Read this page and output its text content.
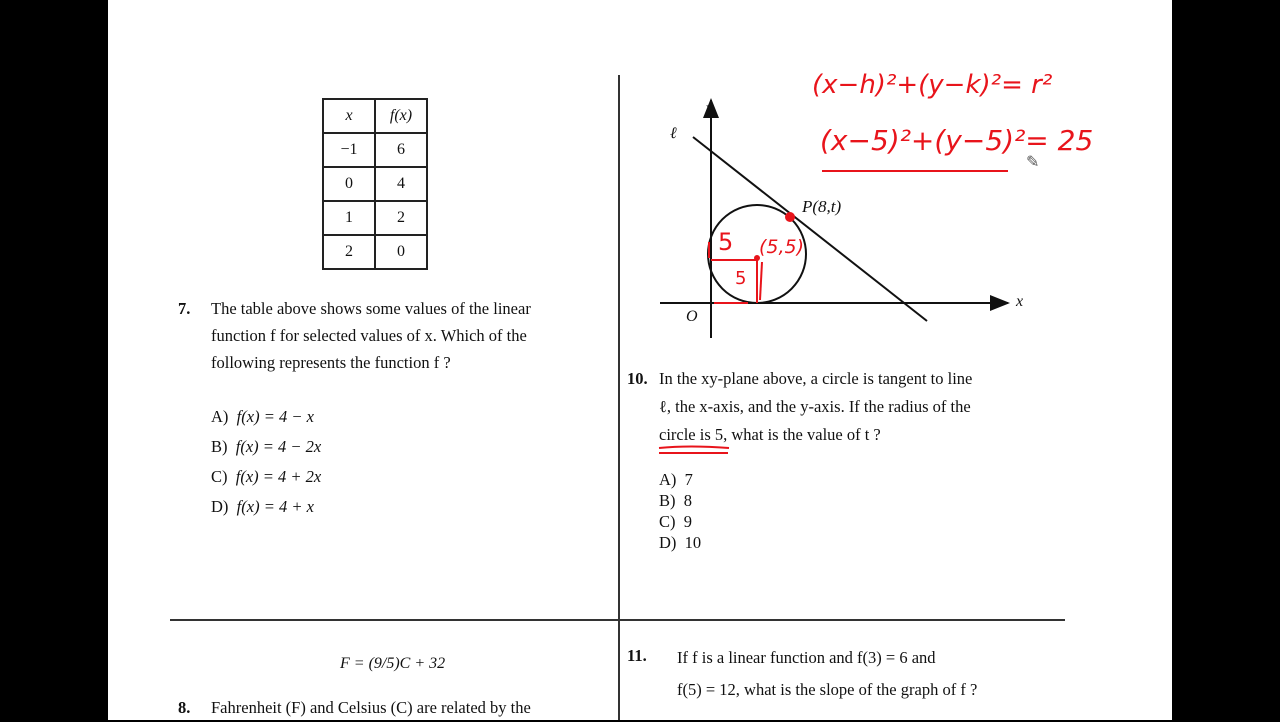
x	f(x)
−1	6
0	4
1	2
2	0
7. The table above shows some values of the linear
function f for selected values of x. Which of the
following represents the function f ?
A) f(x) = 4 − x
B) f(x) = 4 − 2x
C) f(x) = 4 + 2x
D) f(x) = 4 + x
y
x
O
ℓ
P(8,t)
(x−h)²+(y−k)²= r²
(x−5)²+(y−5)²= 25
5
5
(5,5)
✎
10. In the xy-plane above, a circle is tangent to line
ℓ, the x-axis, and the y-axis. If the radius of the
circle is 5, what is the value of t ?
A) 7
B) 8
C) 9
D) 10
F = (9/5)C + 32
8. Fahrenheit (F) and Celsius (C) are related by the
11. If f is a linear function and f(3) = 6 and
f(5) = 12, what is the slope of the graph of f ?
